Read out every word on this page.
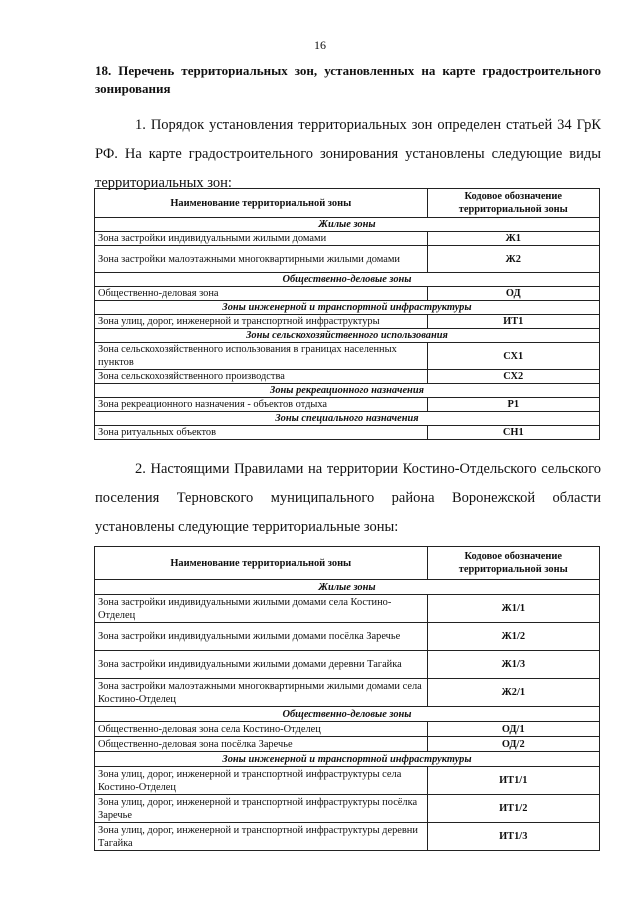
16
18. Перечень территориальных зон, установленных на карте градостроительного зонирования
1. Порядок установления территориальных зон определен статьей 34 ГрК РФ. На карте градостроительного зонирования установлены следующие виды территориальных зон:
Наименование территориальной зоны	Кодовое обозначение территориальной зоны
Жилые зоны	
Зона застройки индивидуальными жилыми домами	Ж1
Зона застройки малоэтажными многоквартирными жилыми домами	Ж2
Общественно-деловые зоны	
Общественно-деловая зона	ОД
Зоны инженерной и транспортной инфраструктуры	
Зона улиц, дорог, инженерной и транспортной инфраструктуры	ИТ1
Зоны сельскохозяйственного использования	
Зона сельскохозяйственного использования в границах населенных пунктов	СХ1
Зона сельскохозяйственного производства	СХ2
Зоны рекреационного назначения	
Зона рекреационного назначения - объектов отдыха	Р1
Зоны специального назначения	
Зона ритуальных объектов	СН1
2. Настоящими Правилами на территории Костино-Отдельского сельского поселения Терновского муниципального района Воронежской области установлены следующие территориальные зоны:
Наименование территориальной зоны	Кодовое обозначение территориальной зоны
Жилые зоны	
Зона застройки индивидуальными жилыми домами села Костино-Отделец	Ж1/1
Зона застройки индивидуальными жилыми домами посёлка Заречье	Ж1/2
Зона застройки индивидуальными жилыми домами деревни Тагайка	Ж1/3
Зона застройки малоэтажными многоквартирными жилыми домами села Костино-Отделец	Ж2/1
Общественно-деловые зоны	
Общественно-деловая зона села Костино-Отделец	ОД/1
Общественно-деловая зона посёлка Заречье	ОД/2
Зоны инженерной и транспортной инфраструктуры	
Зона улиц, дорог, инженерной и транспортной инфраструктуры села Костино-Отделец	ИТ1/1
Зона улиц, дорог, инженерной и транспортной инфраструктуры посёлка Заречье	ИТ1/2
Зона улиц, дорог, инженерной и транспортной инфраструктуры деревни Тагайка	ИТ1/3
